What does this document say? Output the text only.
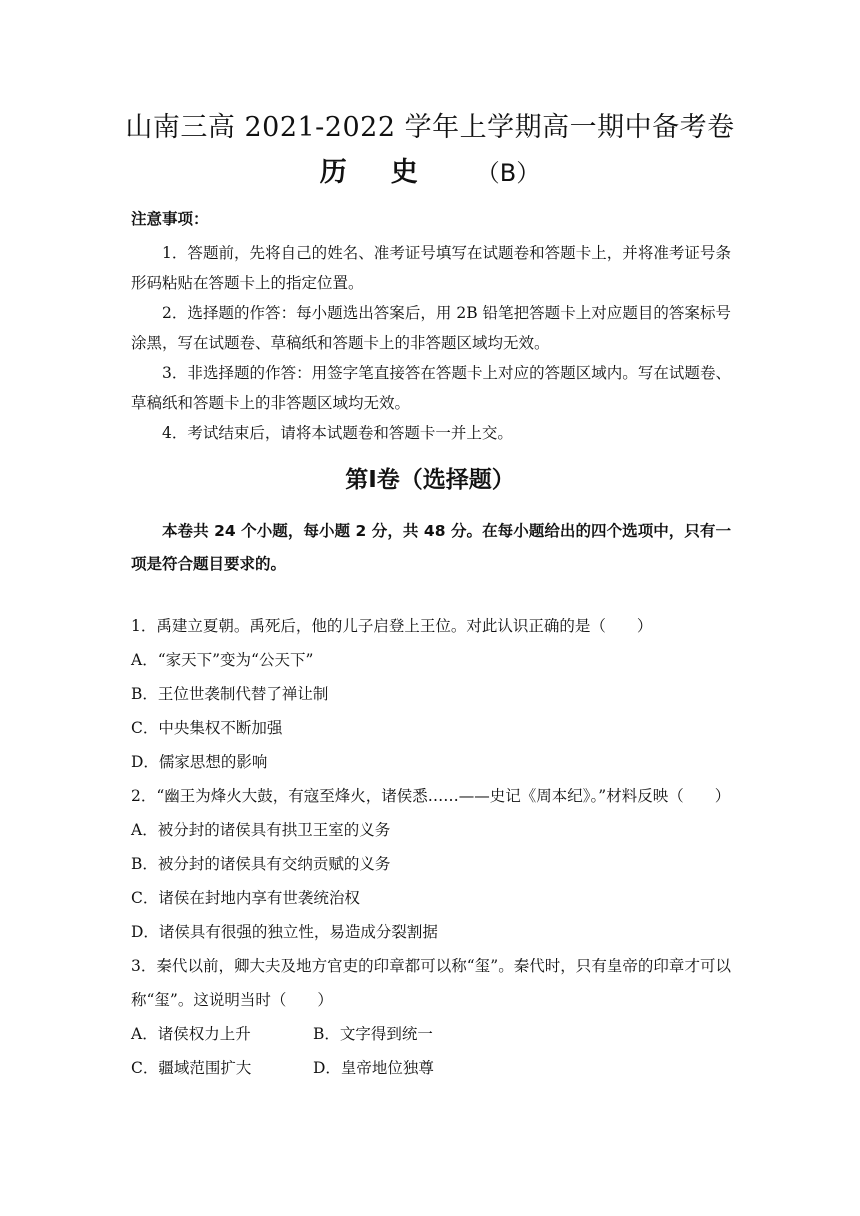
山南三高 2021-2022 学年上学期高一期中备考卷
历 史 （B）
注意事项：

1．答题前，先将自己的姓名、准考证号填写在试题卷和答题卡上，并将准考证号条形码粘贴在答题卡上的指定位置。

2．选择题的作答：每小题选出答案后，用 2B 铅笔把答题卡上对应题目的答案标号涂黑，写在试题卷、草稿纸和答题卡上的非答题区域均无效。

3．非选择题的作答：用签字笔直接答在答题卡上对应的答题区域内。写在试题卷、草稿纸和答题卡上的非答题区域均无效。

4．考试结束后，请将本试题卷和答题卡一并上交。

第Ⅰ卷（选择题）
本卷共 24 个小题，每小题 2 分，共 48 分。在每小题给出的四个选项中，只有一项是符合题目要求的。

1．禹建立夏朝。禹死后，他的儿子启登上王位。对此认识正确的是（　　）

A．“家天下”变为“公天下”

B．王位世袭制代替了禅让制

C．中央集权不断加强

D．儒家思想的影响

2．“幽王为烽火大鼓，有寇至烽火，诸侯悉……——史记《周本纪》。”材料反映（　　）

A．被分封的诸侯具有拱卫王室的义务

B．被分封的诸侯具有交纳贡赋的义务

C．诸侯在封地内享有世袭统治权

D．诸侯具有很强的独立性，易造成分裂割据

3．秦代以前，卿大夫及地方官吏的印章都可以称“玺”。秦代时，只有皇帝的印章才可以称“玺”。这说明当时（　　）

A．诸侯权力上升	B．文字得到统一
C．疆域范围扩大	D．皇帝地位独尊
